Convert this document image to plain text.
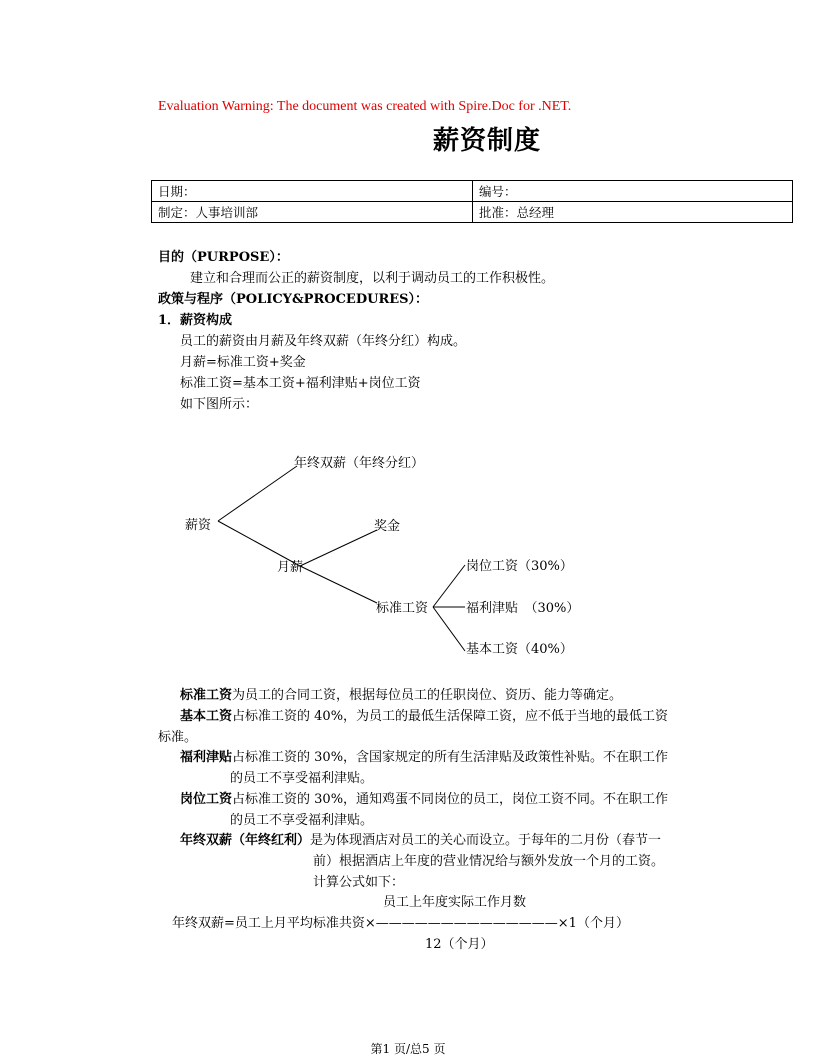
Evaluation Warning: The document was created with Spire.Doc for .NET.
薪资制度
日期：	编号：
制定：人事培训部	批准：总经理
目的（PURPOSE）：
建立和合理而公正的薪资制度，以利于调动员工的工作积极性。
政策与程序（POLICY&PROCEDURES）：
1．薪资构成
员工的薪资由月薪及年终双薪（年终分红）构成。
月薪=标准工资+奖金
标准工资=基本工资+福利津贴+岗位工资
如下图所示：
薪资
年终双薪（年终分红）
奖金
月薪
标准工资
岗位工资（30%）
福利津贴　（30%）
基本工资（40%）
标准工资为员工的合同工资，根据每位员工的任职岗位、资历、能力等确定。
基本工资占标准工资的 40%，为员工的最低生活保障工资，应不低于当地的最低工资
标准。
福利津贴占标准工资的 30%，含国家规定的所有生活津贴及政策性补贴。不在职工作
的员工不享受福利津贴。
岗位工资占标准工资的 30%，通知鸡蛋不同岗位的员工，岗位工资不同。不在职工作
的员工不享受福利津贴。
年终双薪（年终红利）是为体现酒店对员工的关心而设立。于每年的二月份（春节一
前）根据酒店上年度的营业情况给与额外发放一个月的工资。
计算公式如下：
员工上年度实际工作月数
年终双薪=员工上月平均标准共资×——————————————×1（个月）
12（个月）
第1 页/总5 页
